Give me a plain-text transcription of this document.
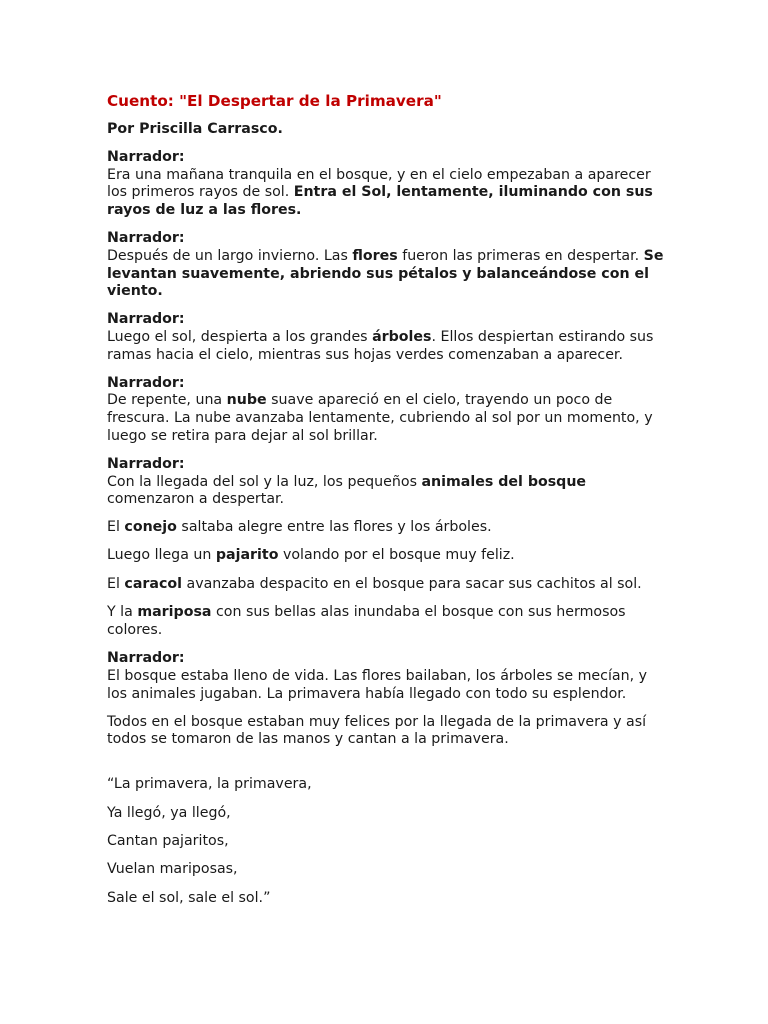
Cuento: "El Despertar de la Primavera"
Por Priscilla Carrasco.
Narrador:
Era una mañana tranquila en el bosque, y en el cielo empezaban a aparecer los primeros rayos de sol. Entra el Sol, lentamente, iluminando con sus rayos de luz a las flores.
Narrador:
Después de un largo invierno. Las flores fueron las primeras en despertar. Se levantan suavemente, abriendo sus pétalos y balanceándose con el viento.
Narrador:
Luego el sol, despierta a los grandes árboles. Ellos despiertan estirando sus ramas hacia el cielo, mientras sus hojas verdes comenzaban a aparecer.
Narrador:
De repente, una nube suave apareció en el cielo, trayendo un poco de frescura. La nube avanzaba lentamente, cubriendo al sol por un momento, y luego se retira para dejar al sol brillar.
Narrador:
Con la llegada del sol y la luz, los pequeños animales del bosque comenzaron a despertar.
El conejo saltaba alegre entre las flores y los árboles.
Luego llega un pajarito volando por el bosque muy feliz.
El caracol avanzaba despacito en el bosque para sacar sus cachitos al sol.
Y la mariposa con sus bellas alas inundaba el bosque con sus hermosos colores.
Narrador:
El bosque estaba lleno de vida. Las flores bailaban, los árboles se mecían, y los animales jugaban. La primavera había llegado con todo su esplendor.
Todos en el bosque estaban muy felices por la llegada de la primavera y así todos se tomaron de las manos y cantan a la primavera.
“La primavera, la primavera,
Ya llegó, ya llegó,
Cantan pajaritos,
Vuelan mariposas,
Sale el sol, sale el sol.”
